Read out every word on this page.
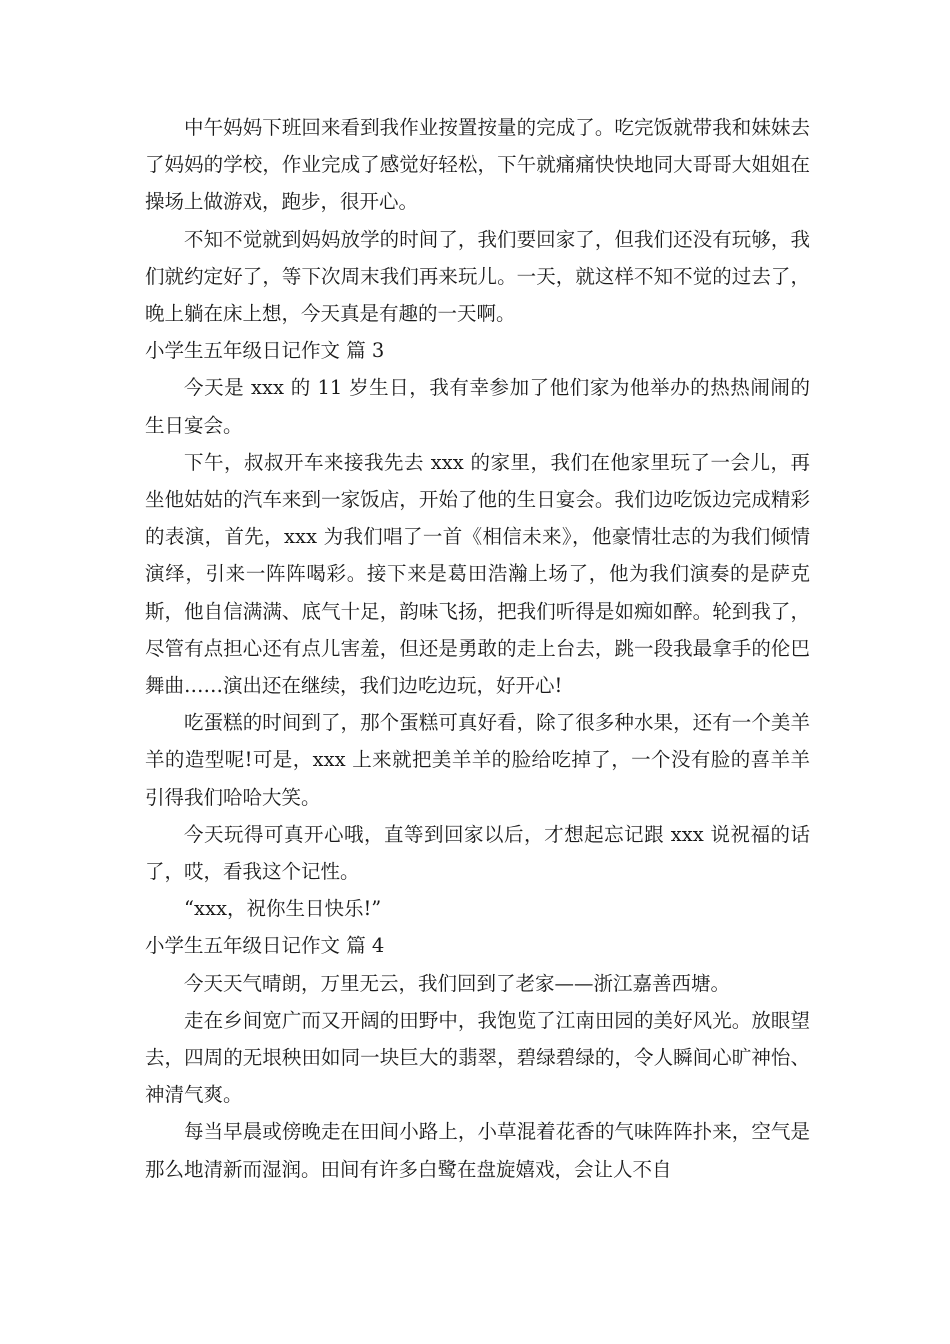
中午妈妈下班回来看到我作业按置按量的完成了。吃完饭就带我和妹妹去了妈妈的学校，作业完成了感觉好轻松，下午就痛痛快快地同大哥哥大姐姐在操场上做游戏，跑步，很开心。

不知不觉就到妈妈放学的时间了，我们要回家了，但我们还没有玩够，我们就约定好了，等下次周末我们再来玩儿。一天，就这样不知不觉的过去了，晚上躺在床上想，今天真是有趣的一天啊。

小学生五年级日记作文 篇 3

今天是 xxx 的 11 岁生日，我有幸参加了他们家为他举办的热热闹闹的生日宴会。

下午，叔叔开车来接我先去 xxx 的家里，我们在他家里玩了一会儿，再坐他姑姑的汽车来到一家饭店，开始了他的生日宴会。我们边吃饭边完成精彩的表演，首先，xxx 为我们唱了一首《相信未来》，他豪情壮志的为我们倾情演绎，引来一阵阵喝彩。接下来是葛田浩瀚上场了，他为我们演奏的是萨克斯，他自信满满、底气十足，韵味飞扬，把我们听得是如痴如醉。轮到我了，尽管有点担心还有点儿害羞，但还是勇敢的走上台去，跳一段我最拿手的伦巴舞曲……演出还在继续，我们边吃边玩，好开心!

吃蛋糕的时间到了，那个蛋糕可真好看，除了很多种水果，还有一个美羊羊的造型呢!可是，xxx 上来就把美羊羊的脸给吃掉了，一个没有脸的喜羊羊引得我们哈哈大笑。

今天玩得可真开心哦，直等到回家以后，才想起忘记跟 xxx 说祝福的话了，哎，看我这个记性。

“xxx，祝你生日快乐!”

小学生五年级日记作文 篇 4

今天天气晴朗，万里无云，我们回到了老家——浙江嘉善西塘。

走在乡间宽广而又开阔的田野中，我饱览了江南田园的美好风光。放眼望去，四周的无垠秧田如同一块巨大的翡翠，碧绿碧绿的，令人瞬间心旷神怡、神清气爽。

每当早晨或傍晚走在田间小路上，小草混着花香的气味阵阵扑来，空气是那么地清新而湿润。田间有许多白鹭在盘旋嬉戏，会让人不自
